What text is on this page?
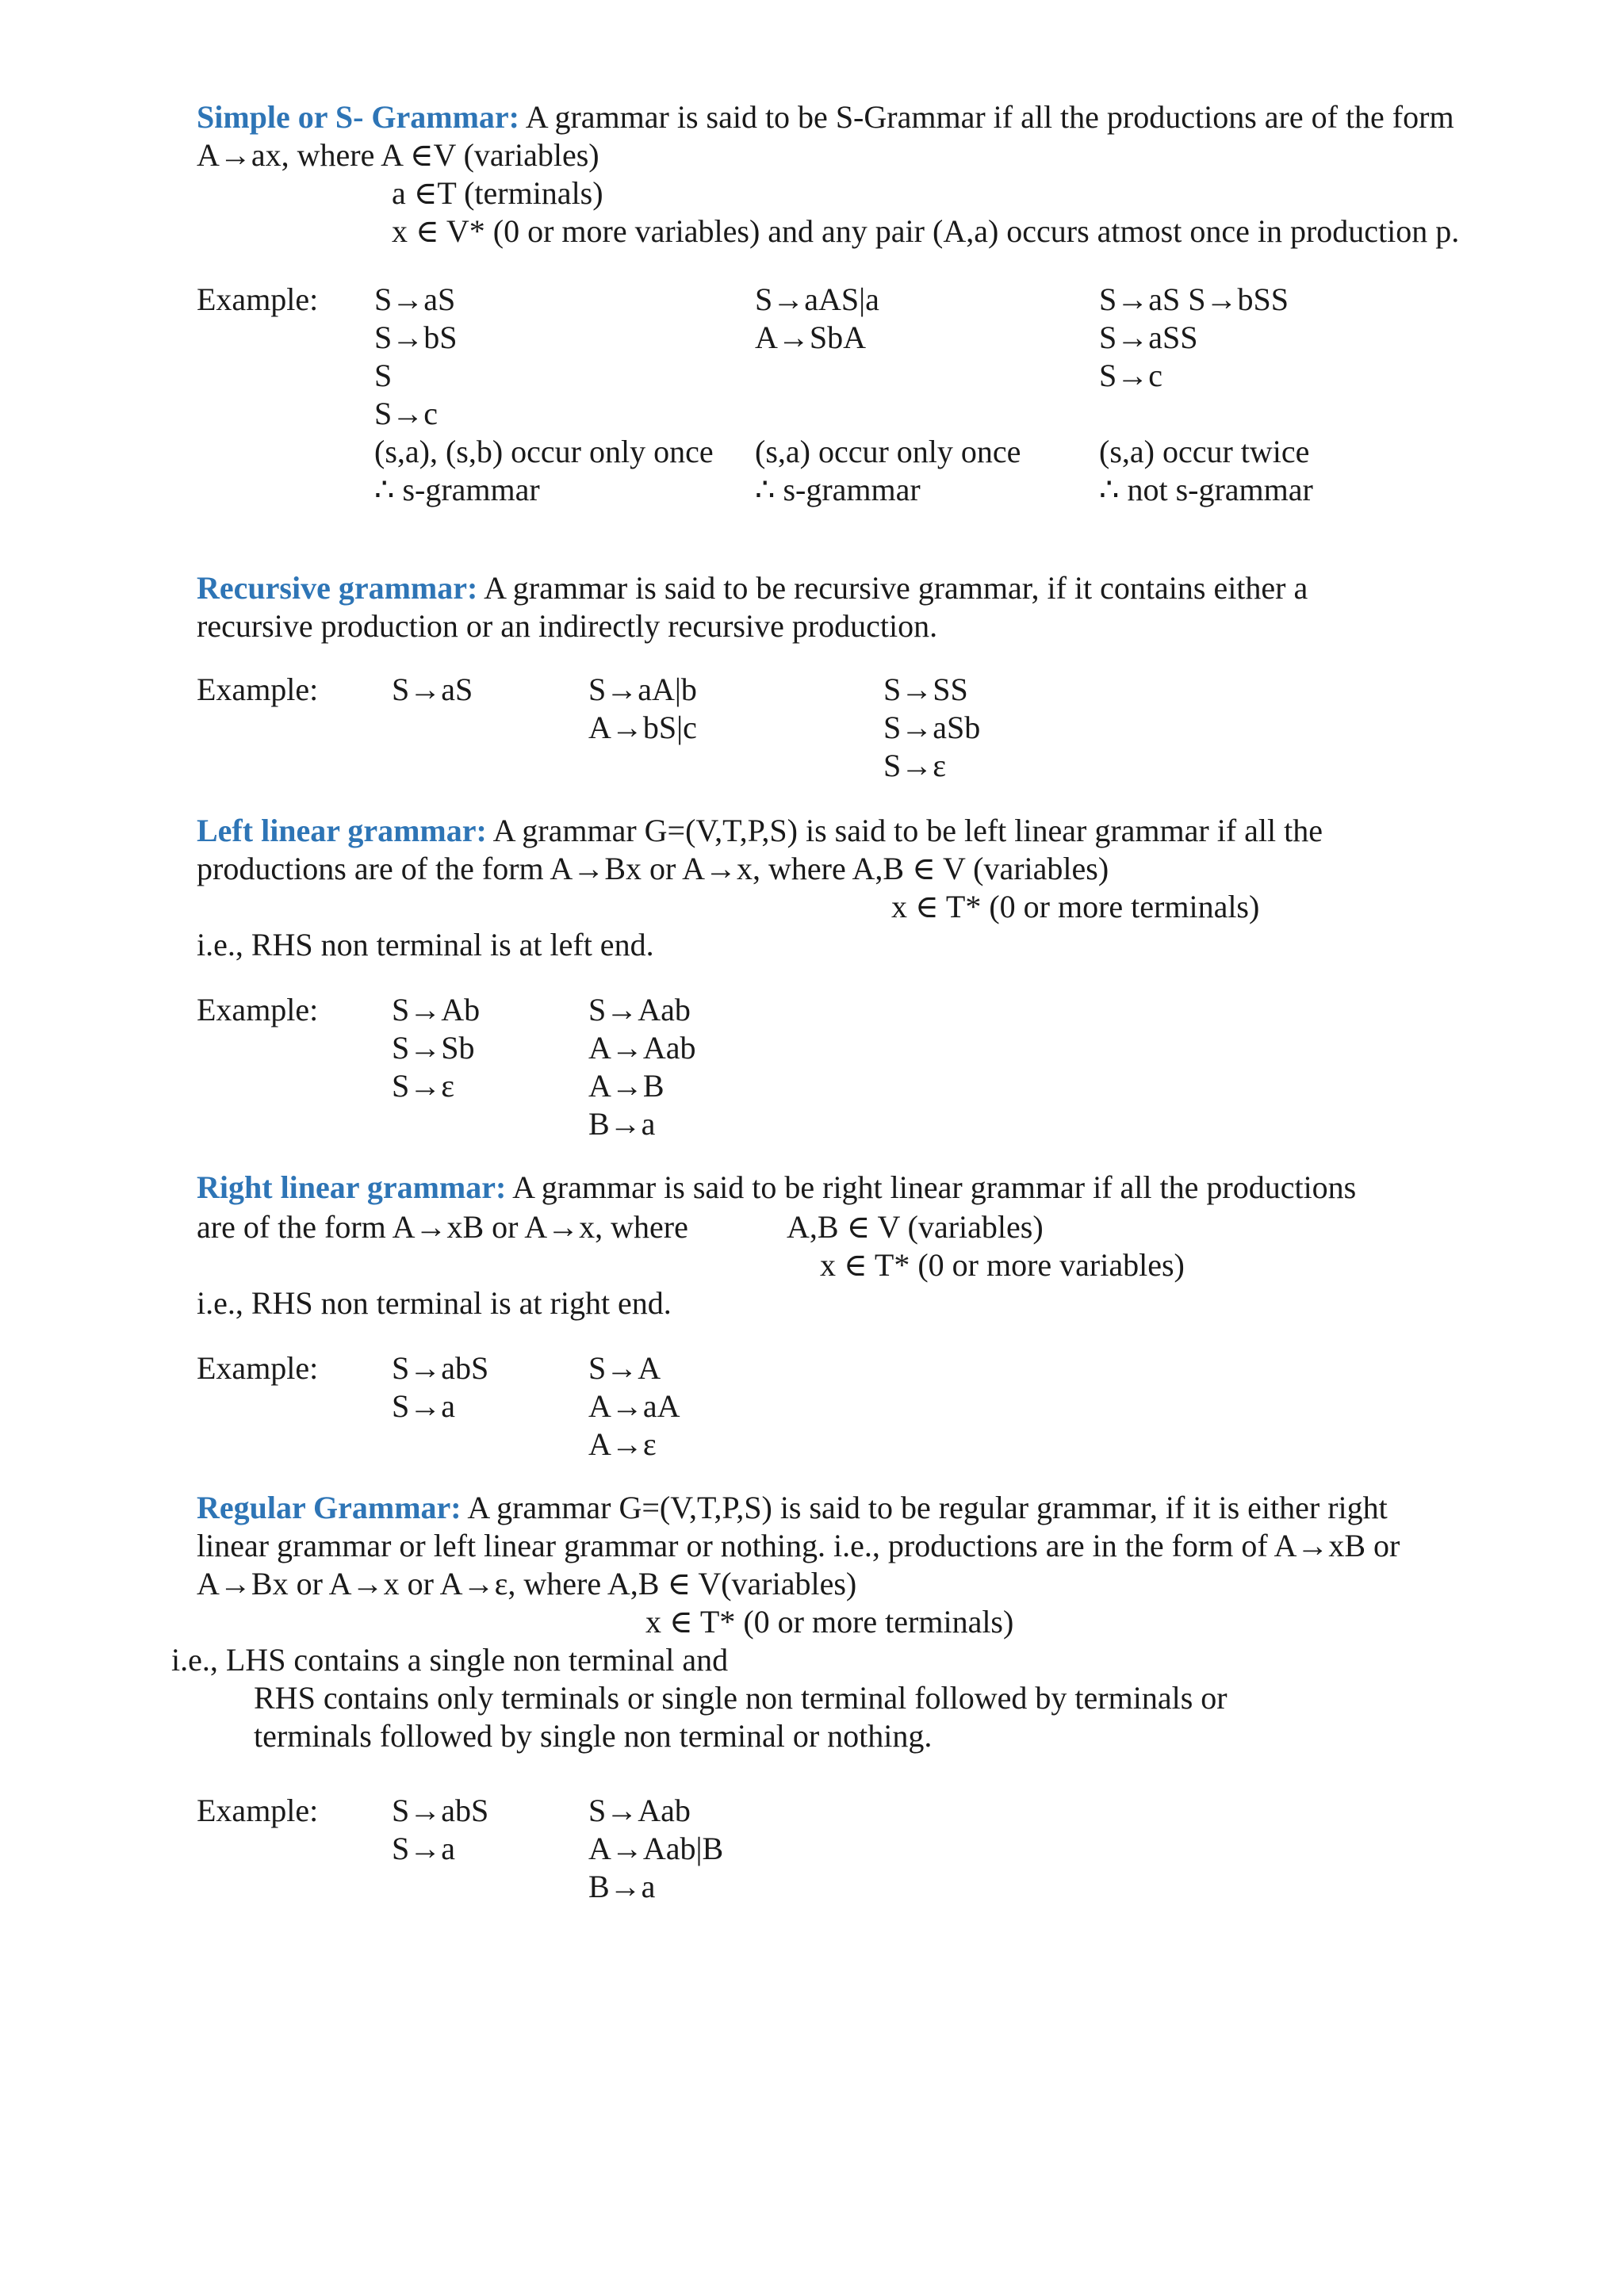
Simple or S- Grammar: A grammar is said to be S-Grammar if all the productions are of the form
A→ax, where A ∈V (variables)
a ∈T (terminals)
x ∈ V* (0 or more variables) and any pair (A,a) occurs atmost once in production p.
Example: S→aS
S→bS
S
S→c
(s,a), (s,b) occur only once
∴ s-grammar
S→aAS|a
A→SbA
(s,a) occur only once
∴ s-grammar
S→aS S→bSS
S→aSS
S→c
(s,a) occur twice
∴ not s-grammar
Recursive grammar: A grammar is said to be recursive grammar, if it contains either a
recursive production or an indirectly recursive production.
Example: S→aS	S→aA|b
A→bS|c
S→SS
S→aSb
S→ε
Left linear grammar: A grammar G=(V,T,P,S) is said to be left linear grammar if all the
productions are of the form A→Bx or A→x, where A,B ∈ V (variables)
x ∈ T* (0 or more terminals)
i.e., RHS non terminal is at left end.
Example: S→Ab
S→Sb
S→ε
S→Aab
A→Aab
A→B
B→a
Right linear grammar: A grammar is said to be right linear grammar if all the productions
are of the form A→xB or A→x, where	A,B ∈ V (variables)
x ∈ T* (0 or more variables)
i.e., RHS non terminal is at right end.
Example: S→abS
S→a
S→A
A→aA
A→ε
Regular Grammar: A grammar G=(V,T,P,S) is said to be regular grammar, if it is either right
linear grammar or left linear grammar or nothing. i.e., productions are in the form of A→xB or
A→Bx or A→x or A→ε, where A,B ∈ V(variables)
x ∈ T* (0 or more terminals)
i.e., LHS contains a single non terminal and
RHS contains only terminals or single non terminal followed by terminals or
terminals followed by single non terminal or nothing.
Example: S→abS
S→a
S→Aab
A→Aab|B
B→a
